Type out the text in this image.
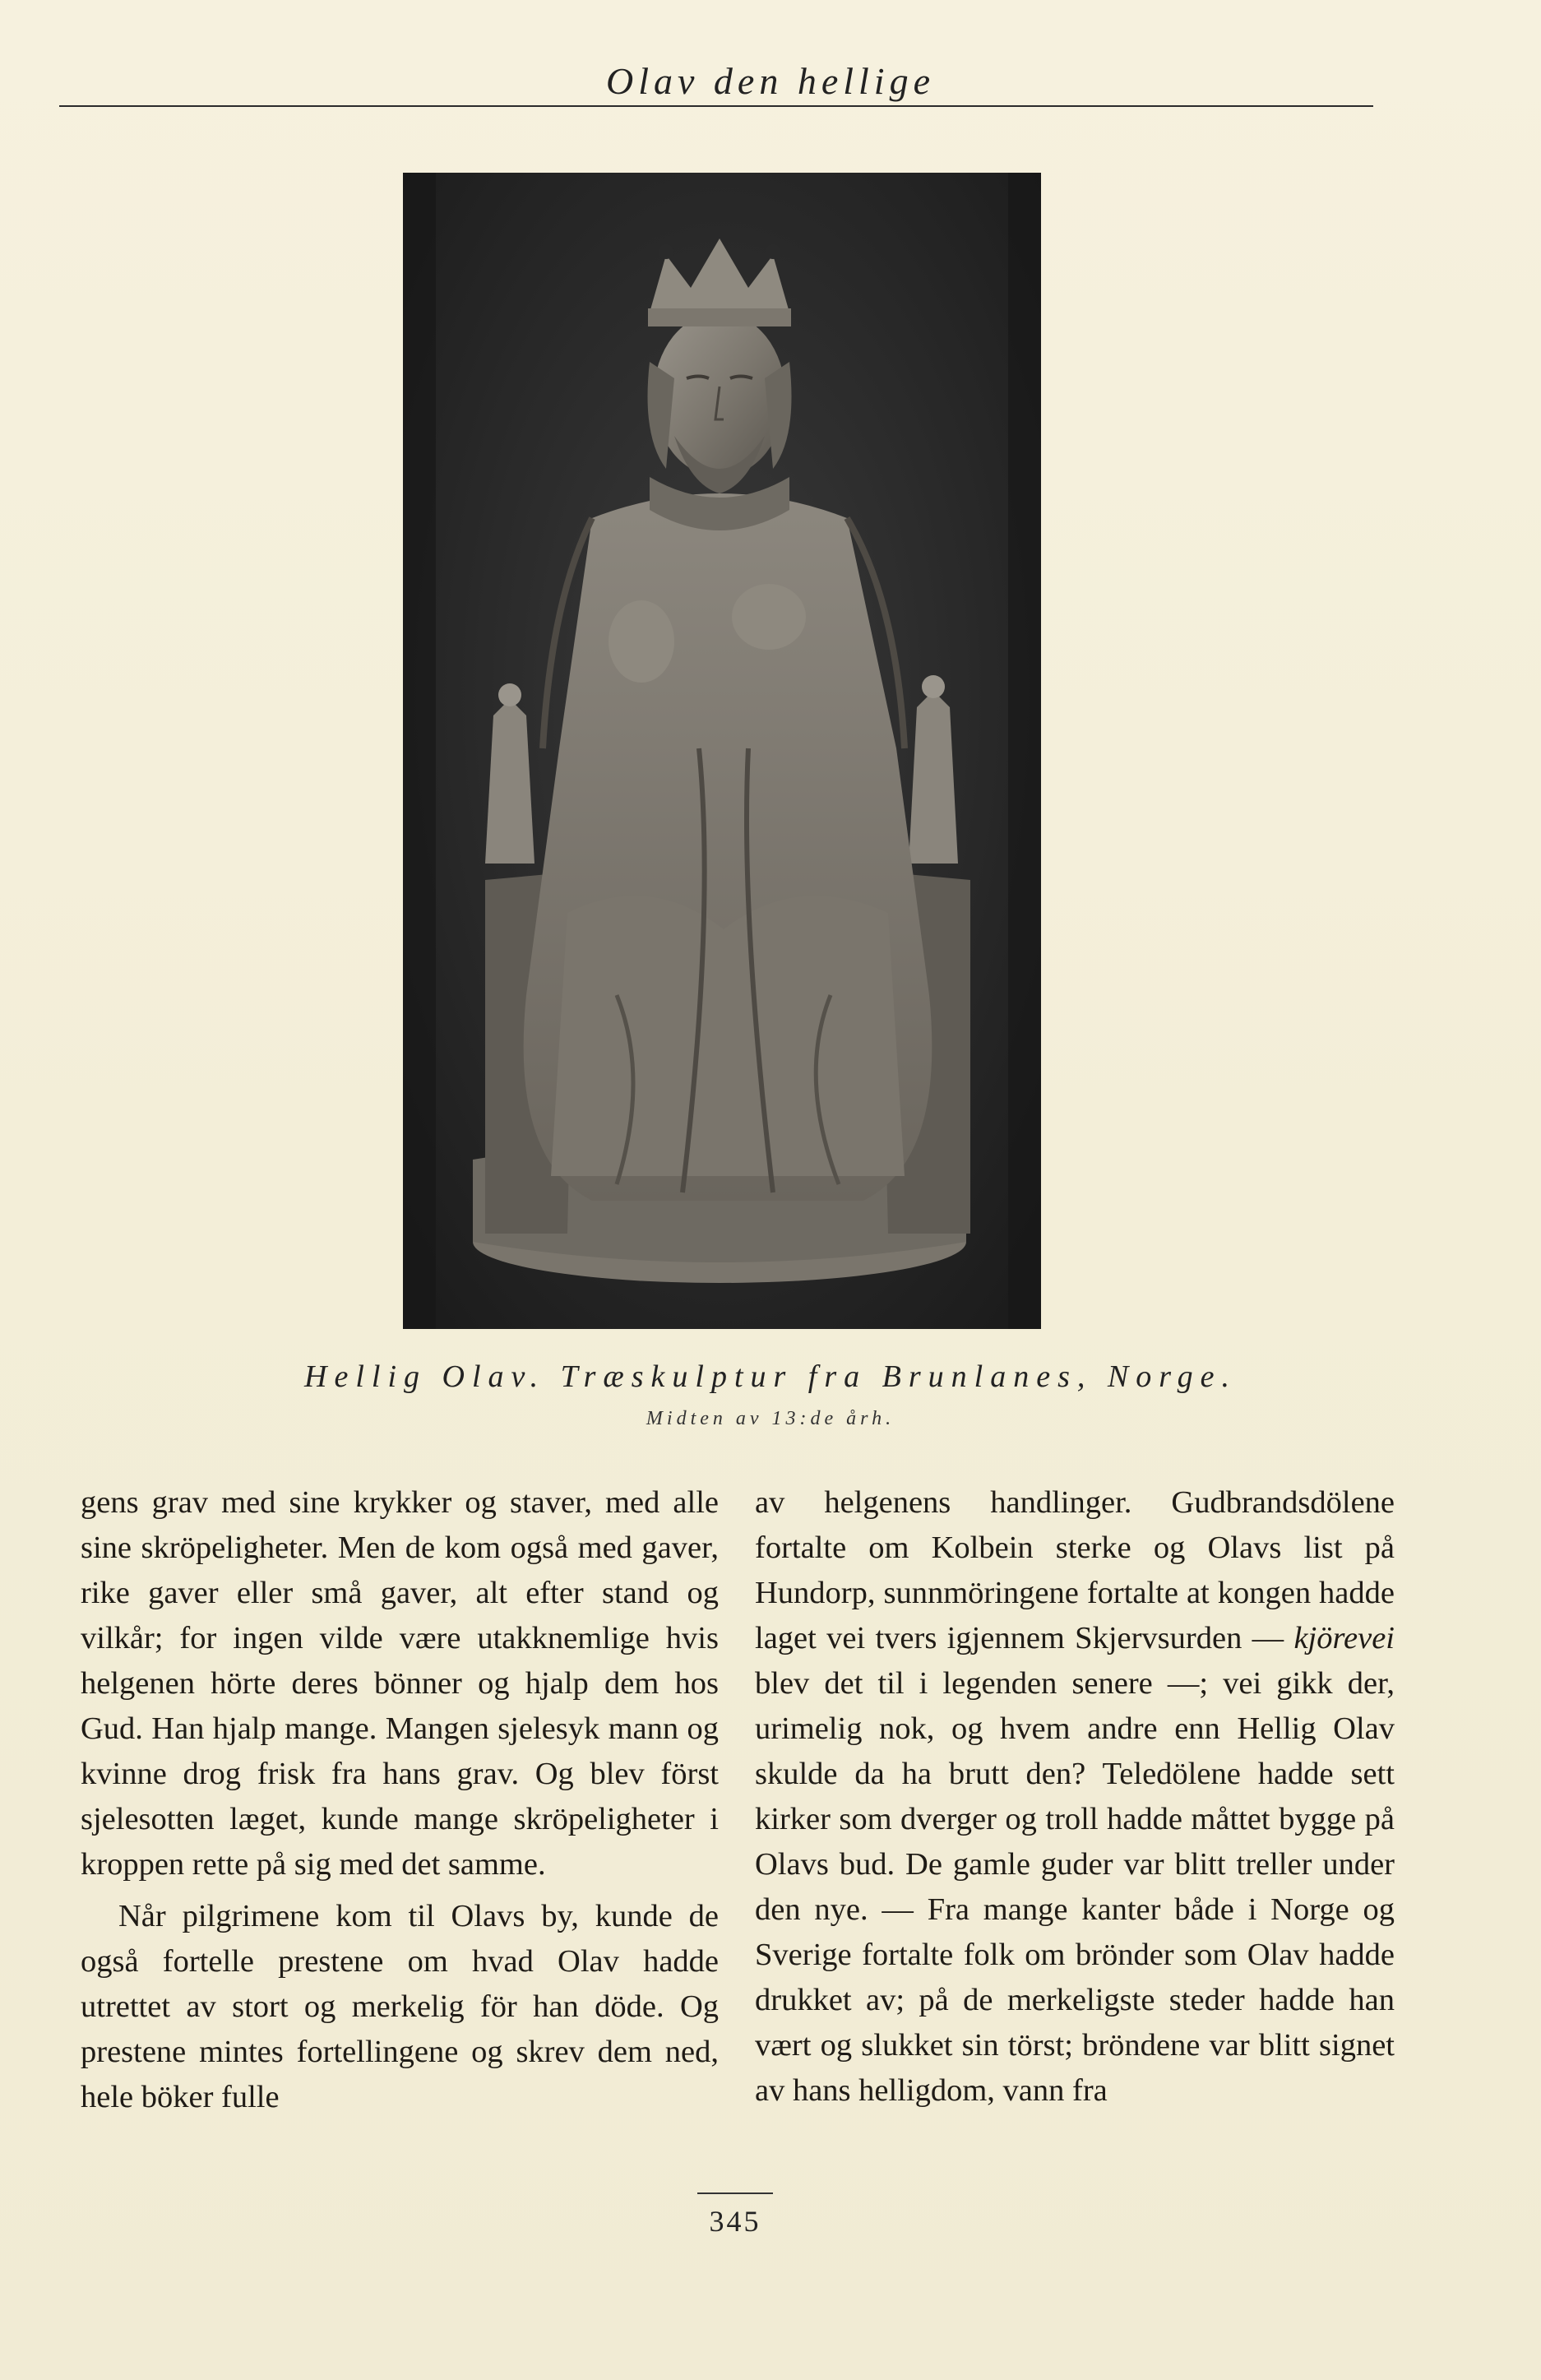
Olav den hellige
Hellig Olav. Træskulptur fra Brunlanes, Norge.
Midten av 13:de årh.

gens grav med sine krykker og staver, med alle sine skröpeligheter. Men de kom også med gaver, rike gaver eller små gaver, alt efter stand og vilkår; for ingen vilde være utakknemlige hvis helgenen hörte deres bönner og hjalp dem hos Gud. Han hjalp mange. Mangen sjelesyk mann og kvinne drog frisk fra hans grav. Og blev först sjelesotten læget, kunde mange skröpeligheter i kroppen rette på sig med det samme.

Når pilgrimene kom til Olavs by, kunde de også fortelle prestene om hvad Olav hadde utrettet av stort og merkelig för han döde. Og prestene mintes fortellingene og skrev dem ned, hele böker fulle

av helgenens handlinger. Gudbrandsdölene fortalte om Kolbein sterke og Olavs list på Hundorp, sunnmöringene fortalte at kongen hadde laget vei tvers igjennem Skjervsurden — kjörevei blev det til i legenden senere —; vei gikk der, urimelig nok, og hvem andre enn Hellig Olav skulde da ha brutt den? Teledölene hadde sett kirker som dverger og troll hadde måttet bygge på Olavs bud. De gamle guder var blitt treller under den nye. — Fra mange kanter både i Norge og Sverige fortalte folk om brönder som Olav hadde drukket av; på de merkeligste steder hadde han vært og slukket sin törst; bröndene var blitt signet av hans helligdom, vann fra

345
